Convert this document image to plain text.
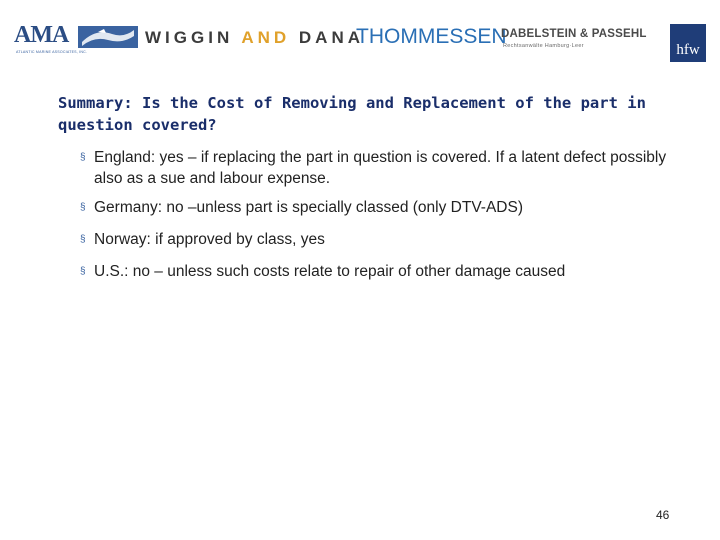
AMA
ATLANTIC MARINE ASSOCIATES, INC.
WIGGIN AND DANA
THOMMESSEN
DABELSTEIN & PASSEHL
Rechtsanwälte Hamburg·Leer	hfw
Summary: Is the Cost of Removing and Replacement of the part in question covered?
§ England: yes – if replacing the part in question is covered. If a latent defect possibly also as a sue and labour expense.
§ Germany: no –unless part is specially classed (only DTV-ADS)
§ Norway: if approved by class, yes
§ U.S.: no – unless such costs relate to repair of other damage caused
46
